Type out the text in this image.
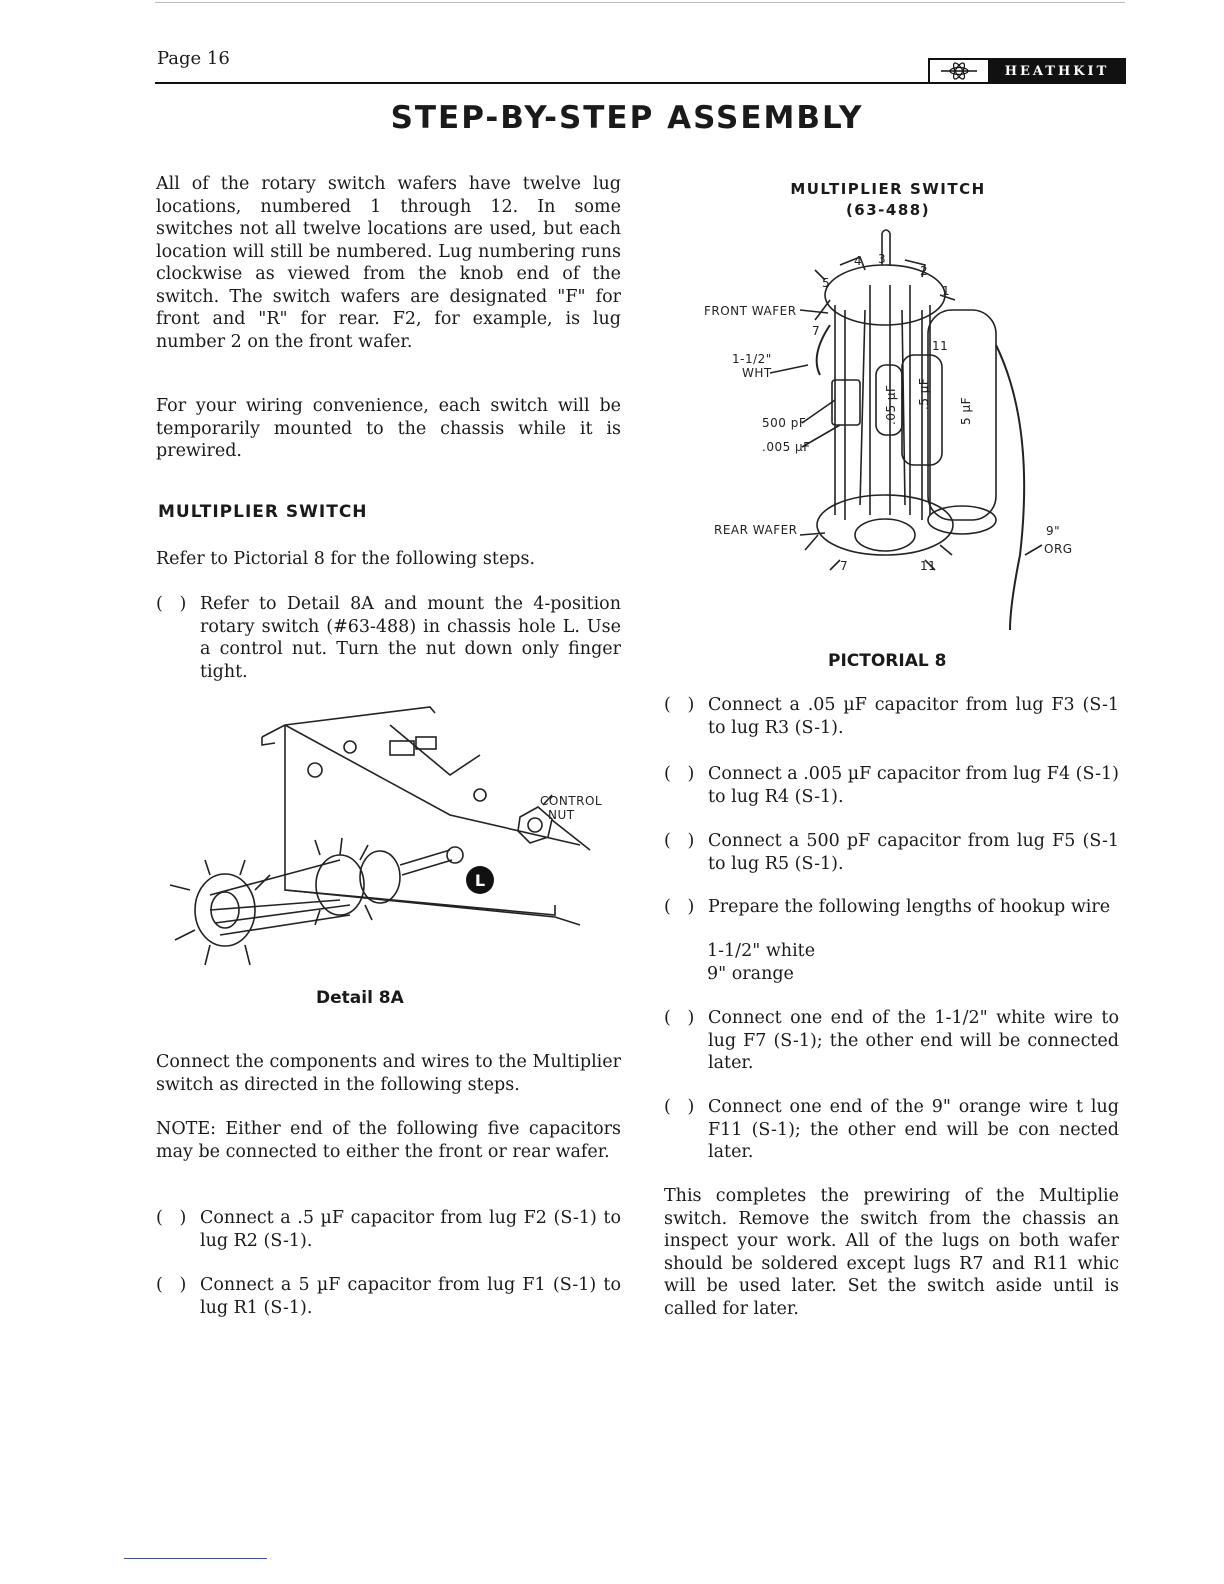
Page 16
HEATHKIT
STEP-BY-STEP ASSEMBLY
All of the rotary switch wafers have twelve lug locations, numbered 1 through 12. In some switches not all twelve locations are used, but each location will still be numbered. Lug numbering runs clockwise as viewed from the knob end of the switch. The switch wafers are designated "F" for front and "R" for rear. F2, for example, is lug number 2 on the front wafer.
For your wiring convenience, each switch will be temporarily mounted to the chassis while it is prewired.
MULTIPLIER SWITCH
Refer to Pictorial 8 for the following steps.
(   ) Refer to Detail 8A and mount the 4-position rotary switch (#63-488) in chassis hole L. Use a control nut. Turn the nut down only finger tight.
L
CONTROL
NUT
Detail 8A
Connect the components and wires to the Multiplier switch as directed in the following steps.
NOTE: Either end of the following five capacitors may be connected to either the front or rear wafer.
(   ) Connect a .5 µF capacitor from lug F2 (S-1) to lug R2 (S-1).
(   ) Connect a 5 µF capacitor from lug F1 (S-1) to lug R1 (S-1).
MULTIPLIER SWITCH
(63-488)
4 3
2
1
5
7
11
FRONT WAFER
1-1/2"
WHT
500 pF
.005 µF
REAR WAFER
7	11
9"
ORG
.05 µF .5 µF
5 µF
PICTORIAL 8
(   ) Connect a .05 µF capacitor from lug F3 (S-1 to lug R3 (S-1).
(   ) Connect a .005 µF capacitor from lug F4 (S-1) to lug R4 (S-1).
(   ) Connect a 500 pF capacitor from lug F5 (S-1 to lug R5 (S-1).
(   ) Prepare the following lengths of hookup wire
1-1/2" white
9" orange
(   ) Connect one end of the 1-1/2" white wire to lug F7 (S-1); the other end will be connected later.
(   ) Connect one end of the 9" orange wire t lug F11 (S-1); the other end will be con nected later.
This completes the prewiring of the Multiplie switch. Remove the switch from the chassis an inspect your work. All of the lugs on both wafer should be soldered except lugs R7 and R11 whic will be used later. Set the switch aside until is called for later.
